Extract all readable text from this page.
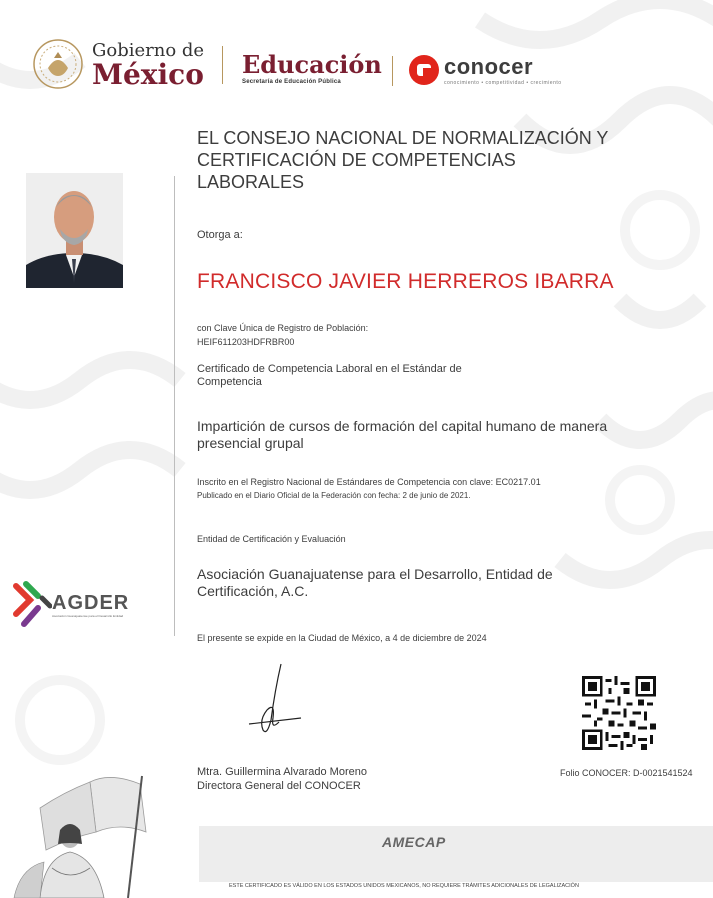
Gobierno de
México Educación
Secretaría de Educación Pública
conocer
conocimiento • competitividad • crecimiento
EL CONSEJO NACIONAL DE NORMALIZACIÓN Y
CERTIFICACIÓN DE COMPETENCIAS
LABORALES
Otorga a:
FRANCISCO JAVIER HERREROS IBARRA
con Clave Única de Registro de Población:
HEIF611203HDFRBR00
Certificado de Competencia Laboral en el Estándar de
Competencia
Impartición de cursos de formación del capital humano de manera
presencial grupal
Inscrito en el Registro Nacional de Estándares de Competencia con clave: EC0217.01
Publicado en el Diario Oficial de la Federación con fecha: 2 de junio de 2021.
Entidad de Certificación y Evaluación
Asociación Guanajuatense para el Desarrollo, Entidad de
Certificación, A.C.
El presente se expide en la Ciudad de México, a 4 de diciembre de 2024
AGDER
Asociación Guanajuatense para el Desarrollo Entidad
Mtra. Guillermina Alvarado Moreno
Directora General del CONOCER
Folio CONOCER: D-0021541524
AMECAP
ESTE CERTIFICADO ES VÁLIDO EN LOS ESTADOS UNIDOS MEXICANOS, NO REQUIERE TRÁMITES ADICIONALES DE LEGALIZACIÓN
